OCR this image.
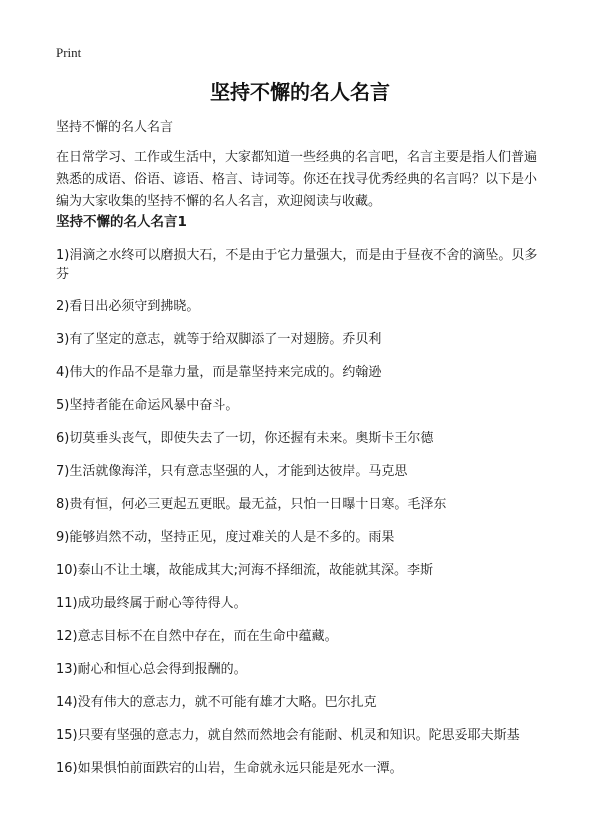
Print
坚持不懈的名人名言

坚持不懈的名人名言

在日常学习、工作或生活中，大家都知道一些经典的名言吧，名言主要是指人们普遍熟悉的成语、俗语、谚语、格言、诗词等。你还在找寻优秀经典的名言吗？以下是小编为大家收集的坚持不懈的名人名言，欢迎阅读与收藏。

坚持不懈的名人名言1
1)涓滴之水终可以磨损大石，不是由于它力量强大，而是由于昼夜不舍的滴坠。贝多芬
2)看日出必须守到拂晓。
3)有了坚定的意志，就等于给双脚添了一对翅膀。乔贝利
4)伟大的作品不是靠力量，而是靠坚持来完成的。约翰逊
5)坚持者能在命运风暴中奋斗。
6)切莫垂头丧气，即使失去了一切，你还握有未来。奥斯卡王尔德
7)生活就像海洋，只有意志坚强的人，才能到达彼岸。马克思
8)贵有恒，何必三更起五更眠。最无益，只怕一日曝十日寒。毛泽东
9)能够岿然不动，坚持正见，度过难关的人是不多的。雨果
10)泰山不让土壤，故能成其大;河海不择细流，故能就其深。李斯
11)成功最终属于耐心等待得人。
12)意志目标不在自然中存在，而在生命中蕴藏。
13)耐心和恒心总会得到报酬的。
14)没有伟大的意志力，就不可能有雄才大略。巴尔扎克
15)只要有坚强的意志力，就自然而然地会有能耐、机灵和知识。陀思妥耶夫斯基
16)如果惧怕前面跌宕的山岩，生命就永远只能是死水一潭。
